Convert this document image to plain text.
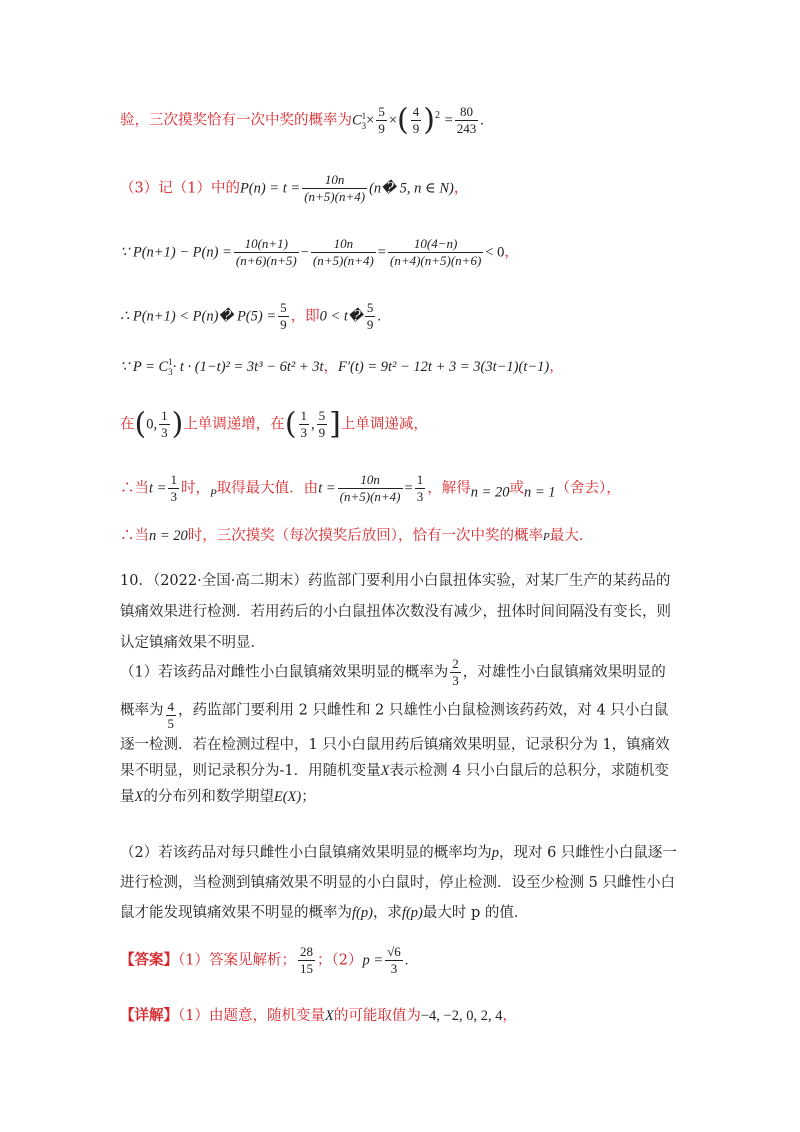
验，三次摸奖恰有一次中奖的概率为C 1
$3 \times \frac{5}{9}$ ×( $\frac{4}{9} )^2 = \frac{80}{243}$ .
（3）记（1）中的$P(n) = t = \frac{10n}{(n+5)(n+4)}$ (n� 5, n ∈ N)，
∵ $P(n+1) - P(n) = \frac{10(n+1)}{(n+6)(n+5)} - \frac{10n}{(n+5)(n+4)} = \frac{10(4-n)}{(n+4)(n+5)(n+6)} < 0$，
∴ P(n+1) < P(n)� $P(5) = \frac{5}{9}$ ，即0 < t� $\frac{5}{9}$ .
∵ P = C 1
3 · t · (1−t)² = 3t³ − 6t² + 3t，F′(t) = 9t² − 12t + 3 = 3(3t−1)(t−1)，
在(0, $\frac{1}{3}$ )上单调递增，在( $\frac{1}{3}$ , $\frac{5}{9}$ ]上单调递减，
∴当$t = \frac{1}{3}$ 时，$_P$取得最大值．由$t = \frac{10n}{(n+5)(n+4)} = \frac{1}{3}$ ，解得n = 20或n = 1（舍去），
∴当n = 20时，三次摸奖（每次摸奖后放回），恰有一次中奖的概率P最大．
10．（2022·全国·高二期末）药监部门要利用小白鼠扭体实验，对某厂生产的某药品的镇痛效果进行检测．若用药后的小白鼠扭体次数没有减少，扭体时间间隔没有变长，则认定镇痛效果不明显．
（1）若该药品对雌性小白鼠镇痛效果明显的概率为 $\frac{2}{3}$ ，对雄性小白鼠镇痛效果明显的概率为 $\frac{4}{5}$ ，药监部门要利用 2 只雌性和 2 只雄性小白鼠检测该药药效，对 4 只小白鼠逐一检测．若在检测过程中，1 只小白鼠用药后镇痛效果明显，记录积分为 1，镇痛效果不明显，则记录积分为-1．用随机变量X表示检测 4 只小白鼠后的总积分，求随机变量X的分布列和数学期望E(X)；
（2）若该药品对每只雌性小白鼠镇痛效果明显的概率均为p，现对 6 只雌性小白鼠逐一进行检测，当检测到镇痛效果不明显的小白鼠时，停止检测．设至少检测 5 只雌性小白鼠才能发现镇痛效果不明显的概率为f(p)，求f(p)最大时 p 的值．
【答案】（1）答案见解析； $\frac{28}{15}$ ；$(2)p = \frac{√6}{3}$ .
【详解】（1）由题意，随机变量X的可能取值为−4, −2, 0, 2, 4，
